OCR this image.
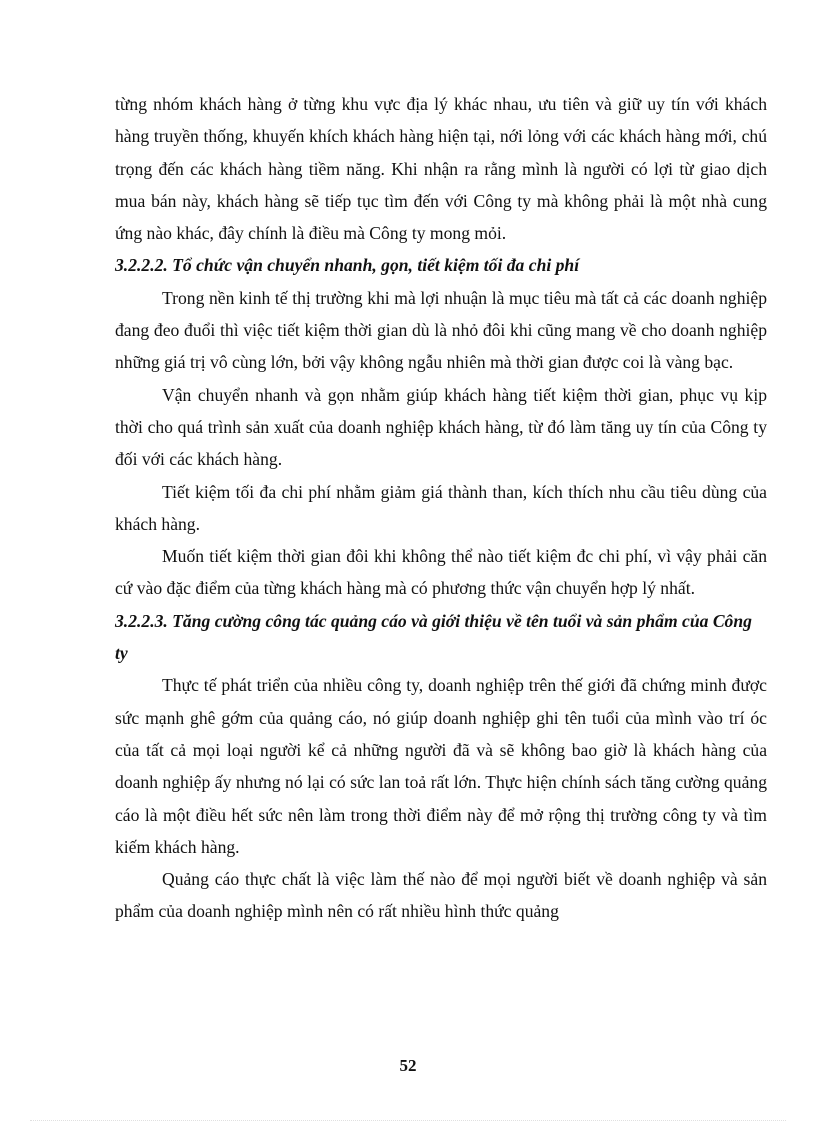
từng nhóm khách hàng ở từng khu vực địa lý khác nhau, ưu tiên và giữ uy tín với khách hàng truyền thống, khuyến khích khách hàng hiện tại, nới lỏng với các khách hàng mới, chú trọng đến các khách hàng tiềm năng. Khi nhận ra rằng mình là người có lợi từ giao dịch mua bán này, khách hàng sẽ tiếp tục tìm đến với Công ty mà không phải là một nhà cung ứng nào khác, đây chính là điều mà Công ty mong mỏi.

3.2.2.2. Tổ chức vận chuyển nhanh, gọn, tiết kiệm tối đa chi phí

Trong nền kinh tế thị trường khi mà lợi nhuận là mục tiêu mà tất cả các doanh nghiệp đang đeo đuổi thì việc tiết kiệm thời gian dù là nhỏ đôi khi cũng mang về cho doanh nghiệp những giá trị vô cùng lớn, bởi vậy không ngẫu nhiên mà thời gian được coi là vàng bạc.

Vận chuyển nhanh và gọn nhằm giúp khách hàng tiết kiệm thời gian, phục vụ kịp thời cho quá trình sản xuất của doanh nghiệp khách hàng, từ đó làm tăng uy tín của Công ty đối với các khách hàng.

Tiết kiệm tối đa chi phí nhằm giảm giá thành than, kích thích nhu cầu tiêu dùng của khách hàng.

Muốn tiết kiệm thời gian đôi khi không thể nào tiết kiệm đc chi phí, vì vậy phải căn cứ vào đặc điểm của từng khách hàng mà có phương thức vận chuyển hợp lý nhất.

3.2.2.3. Tăng cường công tác quảng cáo và giới thiệu về tên tuổi và sản phẩm của Công ty

Thực tế phát triển của nhiều công ty, doanh nghiệp trên thế giới đã chứng minh được sức mạnh ghê gớm của quảng cáo, nó giúp doanh nghiệp ghi tên tuổi của mình vào trí óc của tất cả mọi loại người kể cả những người đã và sẽ không bao giờ là khách hàng của doanh nghiệp ấy nhưng nó lại có sức lan toả rất lớn. Thực hiện chính sách tăng cường quảng cáo là một điều hết sức nên làm trong thời điểm này để mở rộng thị trường công ty và tìm kiếm khách hàng.

Quảng cáo thực chất là việc làm thế nào để mọi người biết về doanh nghiệp và sản phẩm của doanh nghiệp mình nên có rất nhiều hình thức quảng

52
